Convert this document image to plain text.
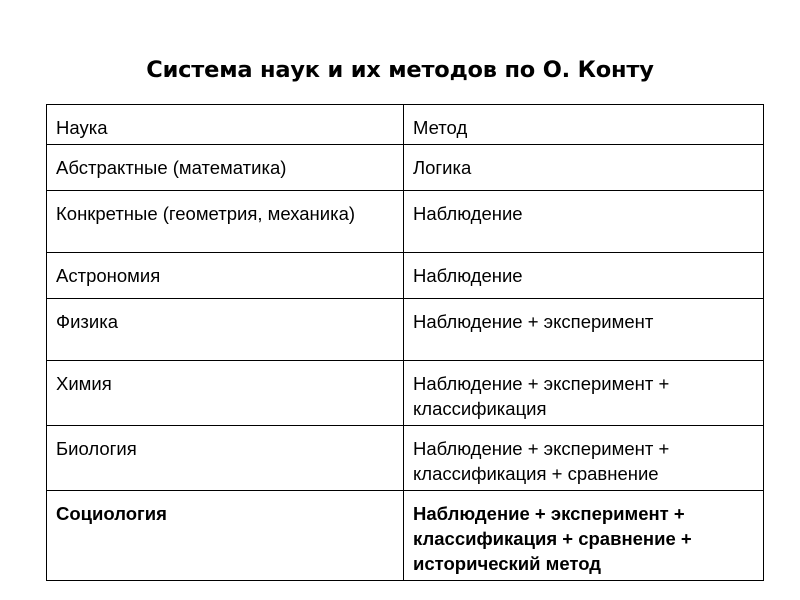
Система наук и их методов по О. Конту
Наука	Метод
Абстрактные (математика)	Логика
Конкретные (геометрия, механика)	Наблюдение
Астрономия	Наблюдение
Физика	Наблюдение + эксперимент
Химия	Наблюдение + эксперимент + классификация
Биология	Наблюдение + эксперимент + классификация + сравнение
Социология	Наблюдение + эксперимент + классификация + сравнение + исторический метод
